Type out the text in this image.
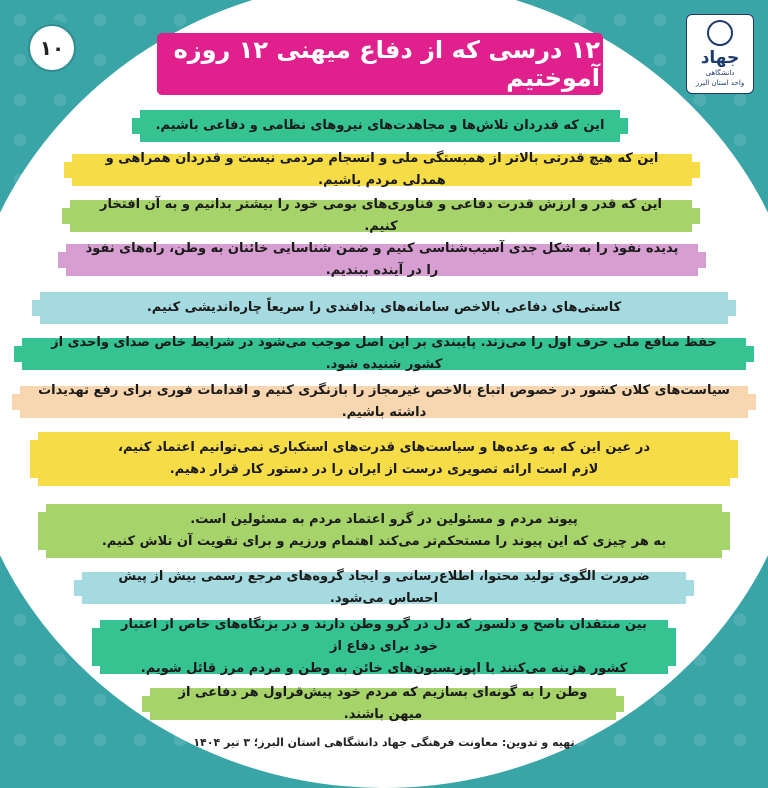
۱۰	جهاد
دانشگاهی
واحد استان البرز
۱۲ درسی که از دفاع میهنی ۱۲ روزه آموختیم
این که قدردان تلاش‌ها و مجاهدت‌های نیروهای نظامی و دفاعی باشیم.
این که هیچ قدرتی بالاتر از همبستگی ملی و انسجام مردمی نیست و قدردان همراهی و همدلی مردم باشیم.
این که قدر و ارزش قدرت دفاعی و فناوری‌های بومی خود را بیشتر بدانیم و به آن افتخار کنیم.
پدیده نفوذ را به شکل جدی آسیب‌شناسی کنیم و ضمن شناسایی خائنان به وطن، راه‌های نفوذ را در آینده ببندیم.
کاستی‌های دفاعی بالاخص سامانه‌های پدافندی را سریعاً چاره‌اندیشی کنیم.
حفظ منافع ملی حرف اول را می‌زند. پایبندی بر این اصل موجب می‌شود در شرایط خاص صدای واحدی از کشور شنیده شود.
سیاست‌های کلان کشور در خصوص اتباع بالاخص غیرمجاز را بازنگری کنیم و اقدامات فوری برای رفع تهدیدات داشته باشیم.
در عین این که به وعده‌ها و سیاست‌های قدرت‌های استکباری نمی‌توانیم اعتماد کنیم،
لازم است ارائه تصویری درست از ایران را در دستور کار قرار دهیم.
پیوند مردم و مسئولین در گرو اعتماد مردم به مسئولین است.
به هر چیزی که این پیوند را مستحکم‌تر می‌کند اهتمام ورزیم و برای تقویت آن تلاش کنیم.
ضرورت الگوی تولید محتوا، اطلاع‌رسانی و ایجاد گروه‌های مرجع رسمی بیش از پیش احساس می‌شود.
بین منتقدان ناصح و دلسوز که دل در گرو وطن دارند و در بزنگاه‌های خاص از اعتبار خود برای دفاع از
کشور هزینه می‌کنند با اپوزیسیون‌های خائن به وطن و مردم مرز قائل شویم.
وطن را به گونه‌ای بسازیم که مردم خود پیش‌قراول هر دفاعی از میهن باشند.
تهیه و تدوین: معاونت فرهنگی جهاد دانشگاهی استان البرز؛ ۳ تیر ۱۴۰۴
